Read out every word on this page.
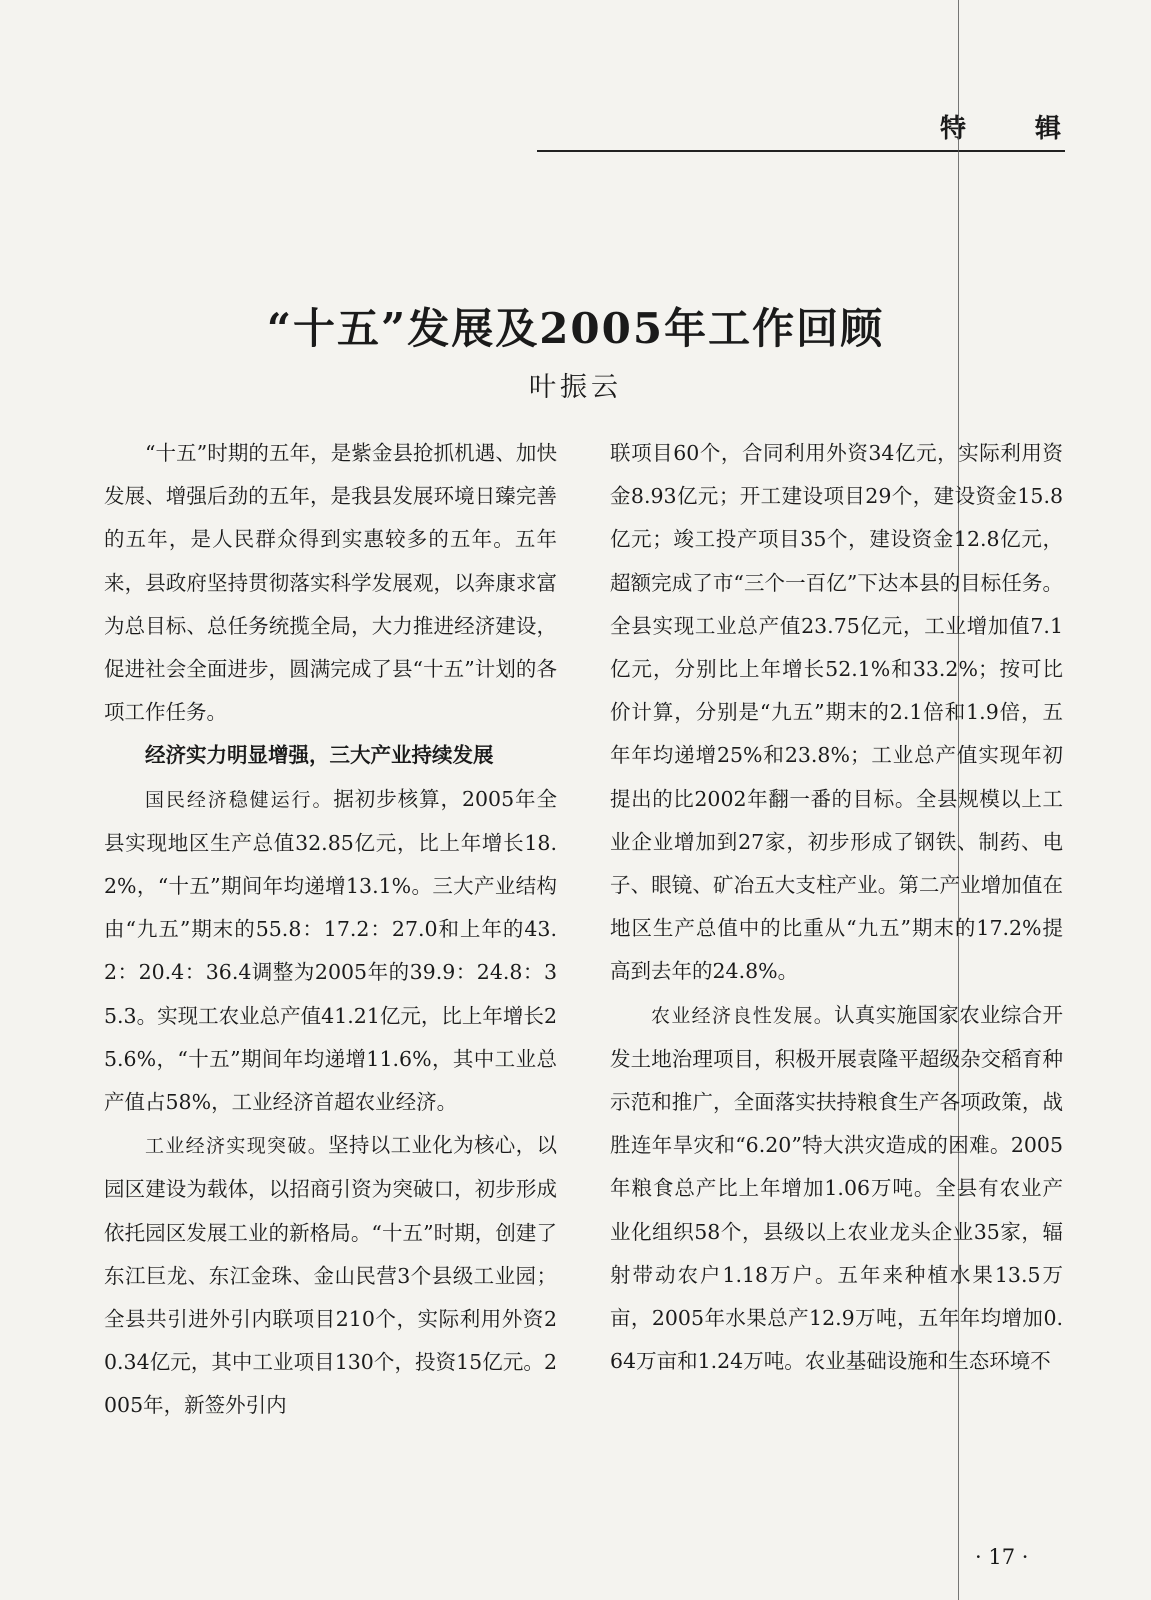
特 辑
“十五”发展及2005年工作回顾
叶振云

“十五”时期的五年，是紫金县抢抓机遇、加快发展、增强后劲的五年，是我县发展环境日臻完善的五年，是人民群众得到实惠较多的五年。五年来，县政府坚持贯彻落实科学发展观，以奔康求富为总目标、总任务统揽全局，大力推进经济建设，促进社会全面进步，圆满完成了县“十五”计划的各项工作任务。

经济实力明显增强，三大产业持续发展

国民经济稳健运行。据初步核算，2005年全县实现地区生产总值32.85亿元，比上年增长18.2%，“十五”期间年均递增13.1%。三大产业结构由“九五”期末的55.8：17.2：27.0和上年的43.2：20.4：36.4调整为2005年的39.9：24.8：35.3。实现工农业总产值41.21亿元，比上年增长25.6%，“十五”期间年均递增11.6%，其中工业总产值占58%，工业经济首超农业经济。

工业经济实现突破。坚持以工业化为核心，以园区建设为载体，以招商引资为突破口，初步形成依托园区发展工业的新格局。“十五”时期，创建了东江巨龙、东江金珠、金山民营3个县级工业园；全县共引进外引内联项目210个，实际利用外资20.34亿元，其中工业项目130个，投资15亿元。2005年，新签外引内

联项目60个，合同利用外资34亿元，实际利用资金8.93亿元；开工建设项目29个，建设资金15.8亿元；竣工投产项目35个，建设资金12.8亿元，超额完成了市“三个一百亿”下达本县的目标任务。全县实现工业总产值23.75亿元，工业增加值7.1亿元，分别比上年增长52.1%和33.2%；按可比价计算，分别是“九五”期末的2.1倍和1.9倍，五年年均递增25%和23.8%；工业总产值实现年初提出的比2002年翻一番的目标。全县规模以上工业企业增加到27家，初步形成了钢铁、制药、电子、眼镜、矿冶五大支柱产业。第二产业增加值在地区生产总值中的比重从“九五”期末的17.2%提高到去年的24.8%。

农业经济良性发展。认真实施国家农业综合开发土地治理项目，积极开展袁隆平超级杂交稻育种示范和推广，全面落实扶持粮食生产各项政策，战胜连年旱灾和“6.20”特大洪灾造成的困难。2005年粮食总产比上年增加1.06万吨。全县有农业产业化组织58个，县级以上农业龙头企业35家，辐射带动农户1.18万户。五年来种植水果13.5万亩，2005年水果总产12.9万吨，五年年均增加0.64万亩和1.24万吨。农业基础设施和生态环境不

· 17 ·
